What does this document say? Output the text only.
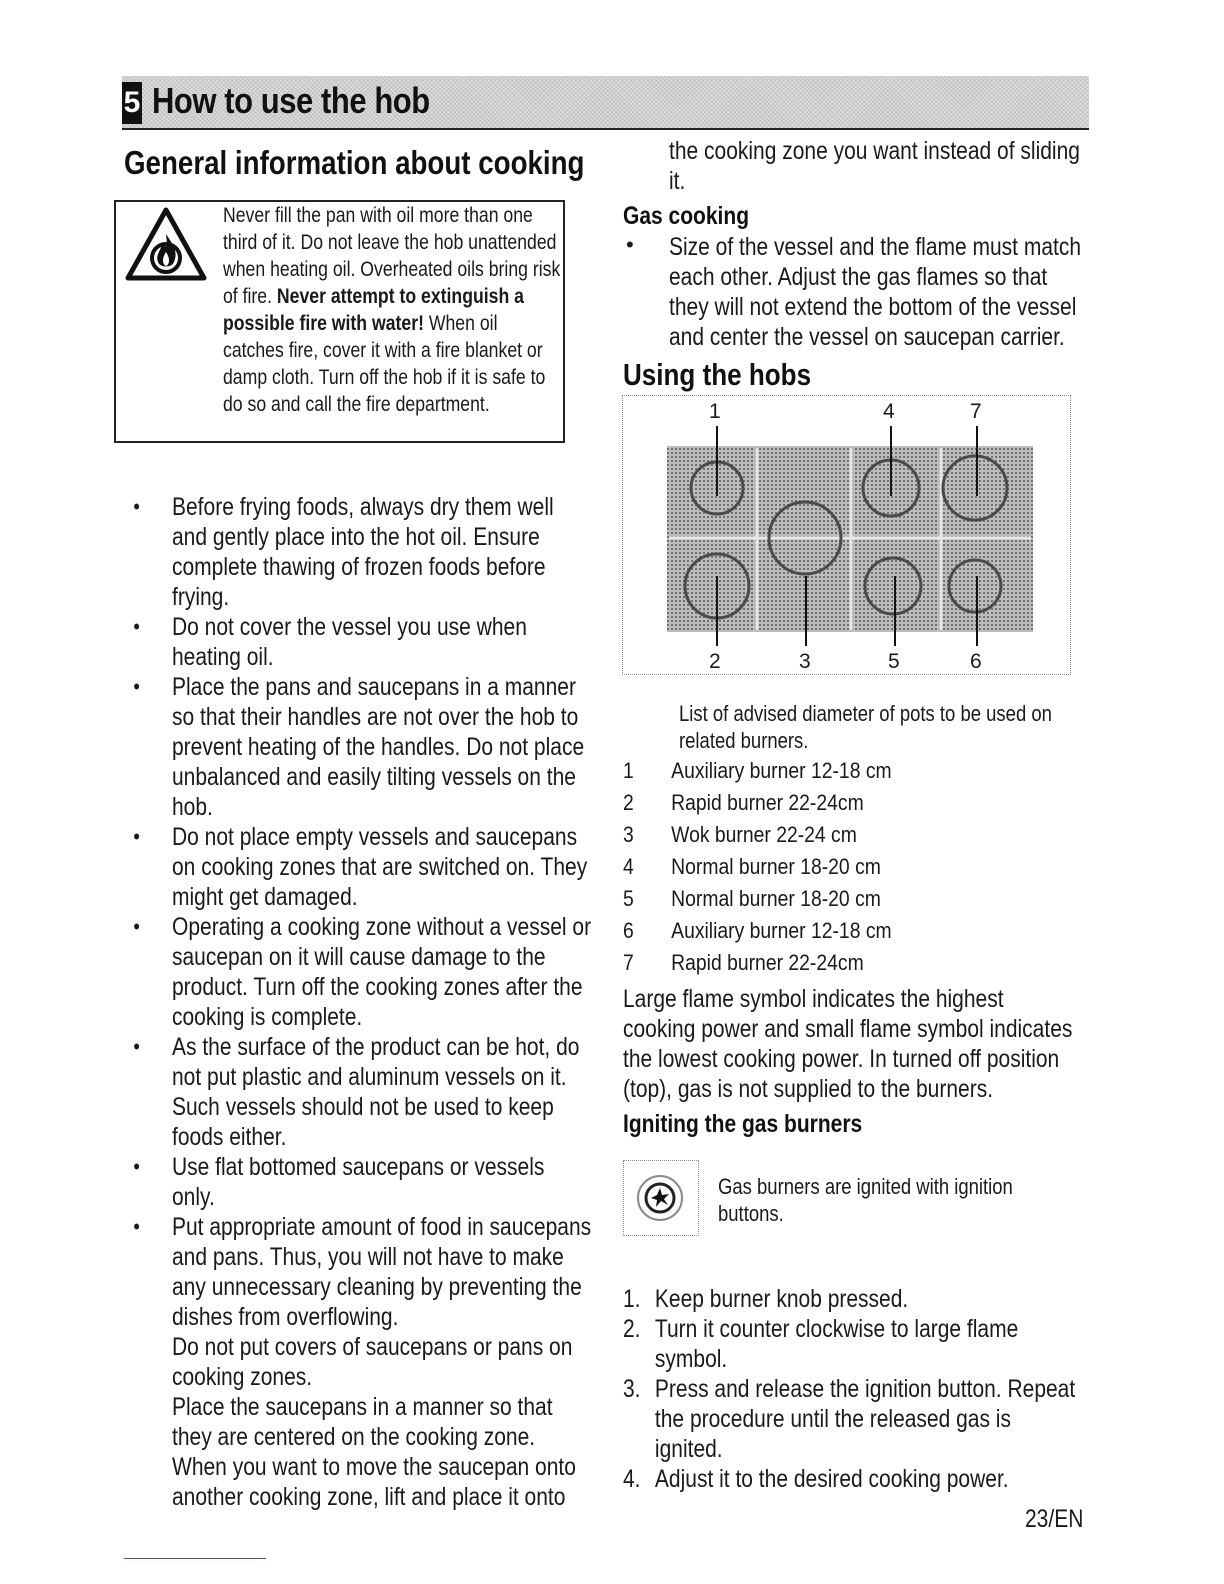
5 How to use the hob
General information about cooking
Never fill the pan with oil more than one third of it. Do not leave the hob unattended when heating oil. Overheated oils bring risk of fire. Never attempt to extinguish a possible fire with water! When oil catches fire, cover it with a fire blanket or damp cloth. Turn off the hob if it is safe to do so and call the fire department.
• Before frying foods, always dry them well and gently place into the hot oil. Ensure complete thawing of frozen foods before frying.
• Do not cover the vessel you use when heating oil.
• Place the pans and saucepans in a manner so that their handles are not over the hob to prevent heating of the handles. Do not place unbalanced and easily tilting vessels on the hob.
• Do not place empty vessels and saucepans on cooking zones that are switched on. They might get damaged.
• Operating a cooking zone without a vessel or saucepan on it will cause damage to the product. Turn off the cooking zones after the cooking is complete.
• As the surface of the product can be hot, do not put plastic and aluminum vessels on it. Such vessels should not be used to keep foods either.
• Use flat bottomed saucepans or vessels only.
• Put appropriate amount of food in saucepans and pans. Thus, you will not have to make any unnecessary cleaning by preventing the dishes from overflowing.
Do not put covers of saucepans or pans on cooking zones.
Place the saucepans in a manner so that they are centered on the cooking zone.
When you want to move the saucepan onto another cooking zone, lift and place it onto
the cooking zone you want instead of sliding it.
Gas cooking
• Size of the vessel and the flame must match each other. Adjust the gas flames so that they will not extend the bottom of the vessel and center the vessel on saucepan carrier.
Using the hobs
1	4	7
2	3	5	6
List of advised diameter of pots to be used on related burners.
1	Auxiliary burner 12-18 cm
2	Rapid burner 22-24cm
3	Wok burner 22-24 cm
4	Normal burner 18-20 cm
5	Normal burner 18-20 cm
6	Auxiliary burner 12-18 cm
7	Rapid burner 22-24cm
Large flame symbol indicates the highest cooking power and small flame symbol indicates the lowest cooking power. In turned off position (top), gas is not supplied to the burners.
Igniting the gas burners
Gas burners are ignited with ignition buttons.
1. Keep burner knob pressed.
2. Turn it counter clockwise to large flame symbol.
3. Press and release the ignition button. Repeat the procedure until the released gas is ignited.
4. Adjust it to the desired cooking power.
23/EN
